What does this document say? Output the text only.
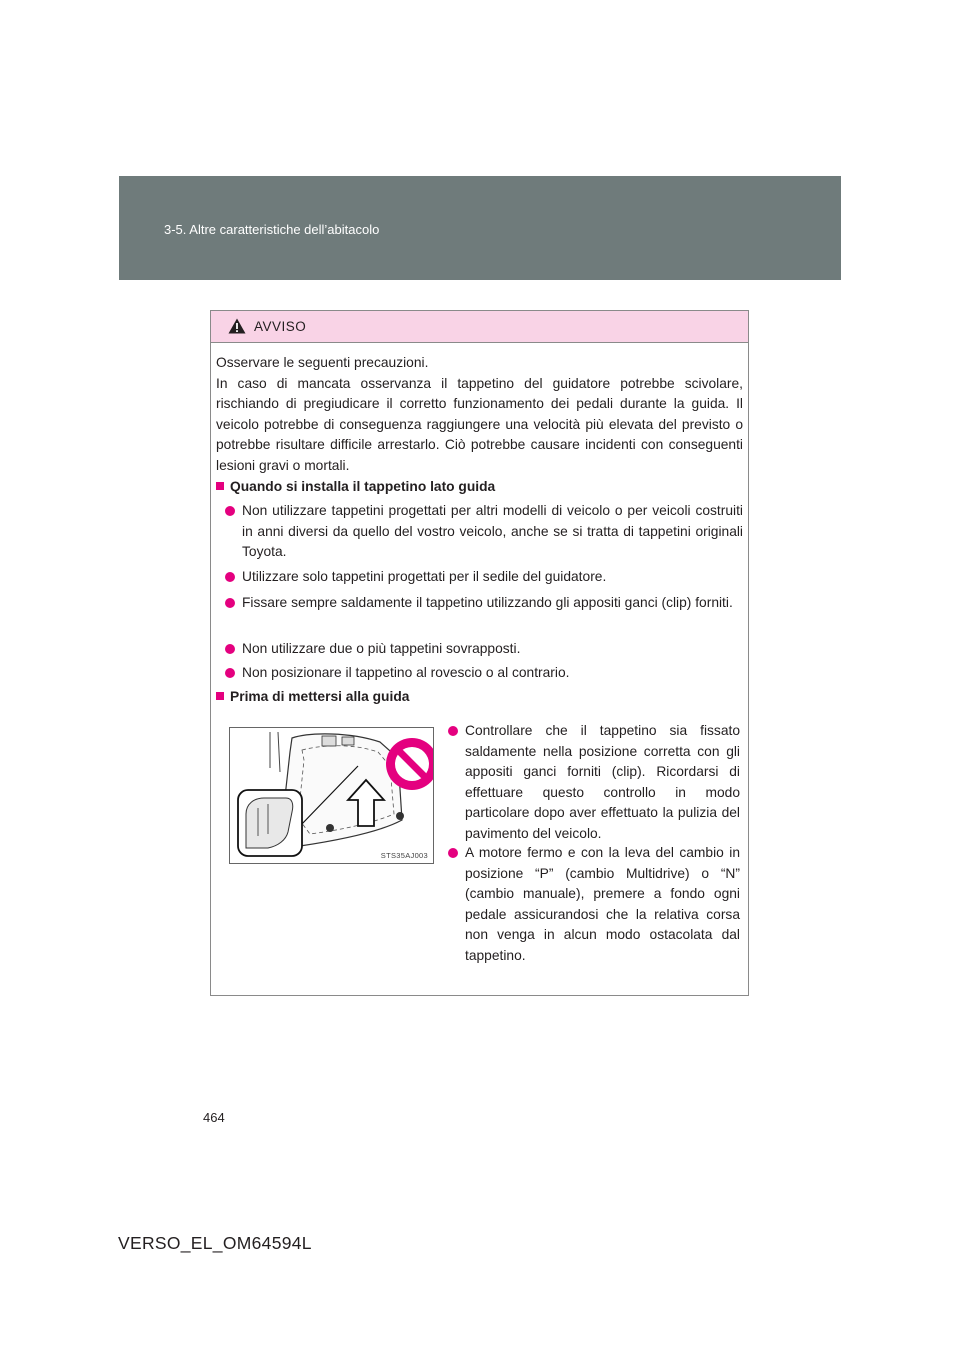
3-5. Altre caratteristiche dell’abitacolo
AVVISO

Osservare le seguenti precauzioni.

In caso di mancata osservanza il tappetino del guidatore potrebbe scivolare, rischiando di pregiudicare il corretto funzionamento dei pedali durante la guida. Il veicolo potrebbe di conseguenza raggiungere una velocità più elevata del previsto o potrebbe risultare difficile arrestarlo. Ciò potrebbe causare incidenti con conseguenti lesioni gravi o mortali.

Quando si installa il tappetino lato guida
Non utilizzare tappetini progettati per altri modelli di veicolo o per veicoli costruiti in anni diversi da quello del vostro veicolo, anche se si tratta di tappetini originali Toyota.
Utilizzare solo tappetini progettati per il sedile del guidatore.
Fissare sempre saldamente il tappetino utilizzando gli appositi ganci (clip) forniti.
Non utilizzare due o più tappetini sovrapposti.
Non posizionare il tappetino al rovescio o al contrario.
Prima di mettersi alla guida
STS35AJ003
Controllare che il tappetino sia fissato saldamente nella posizione corretta con gli appositi ganci forniti (clip). Ricordarsi di effettuare questo controllo in modo particolare dopo aver effettuato la pulizia del pavimento del veicolo.
A motore fermo e con la leva del cambio in posizione “P” (cambio Multidrive) o “N” (cambio manuale), premere a fondo ogni pedale assicurandosi che la relativa corsa non venga in alcun modo ostacolata dal tappetino.
464
VERSO_EL_OM64594L
